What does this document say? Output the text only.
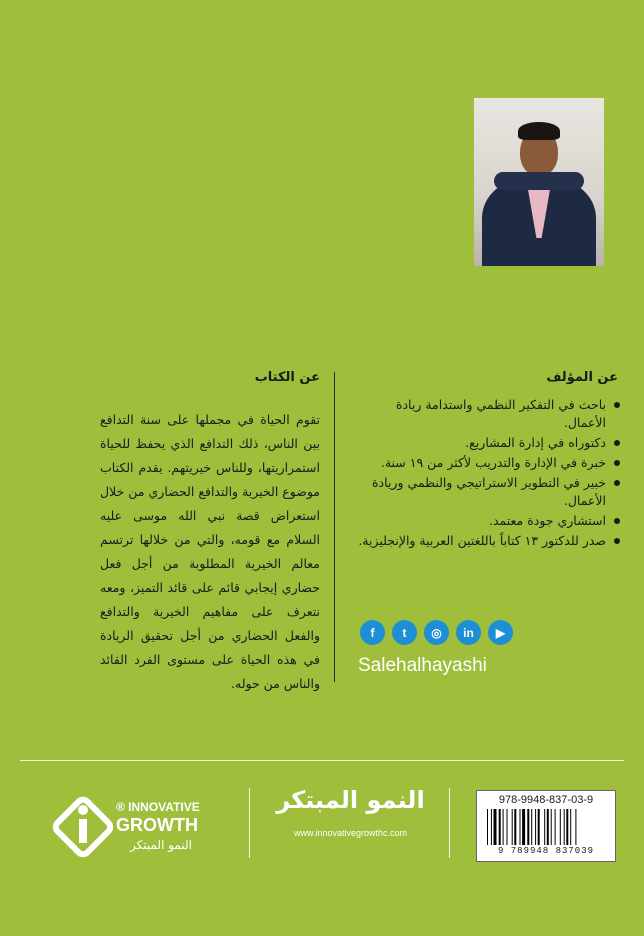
عن الكتاب
تقوم الحياة في مجملها على سنة التدافع بين الناس، ذلك التدافع الذي يحفظ للحياة استمراريتها، وللناس خيريتهم. يقدم الكتاب موضوع الخيرية والتدافع الحضاري من خلال استعراض قصة نبي الله موسى عليه السلام مع قومه، والتي من خلالها ترتسم معالم الخيرية المطلوبة من أجل فعل حضاري إيجابي قائم على قائد التميز، ومعه نتعرف على مفاهيم الخيرية والتدافع والفعل الحضاري من أجل تحقيق الريادة في هذه الحياة على مستوى الفرد القائد والناس من حوله.
عن المؤلف
باحث في التفكير النظمي واستدامة ريادة الأعمال.
دكتوراه في إدارة المشاريع.
خبرة في الإدارة والتدريب لأكثر من ١٩ سنة.
خبير في التطوير الاستراتيجي والنظمي وريادة الأعمال.
استشاري جودة معتمد.
صدر للدكتور ١٣ كتاباً باللغتين العربية والإنجليزية.
f	t	◎	in	▶
Salehalhayashi
® INNOVATIVE
GROWTH
النمو المبتكر
النمو المبتكر
www.innovativegrowthc.com
978-9948-837-03-9
9 789948 837039
